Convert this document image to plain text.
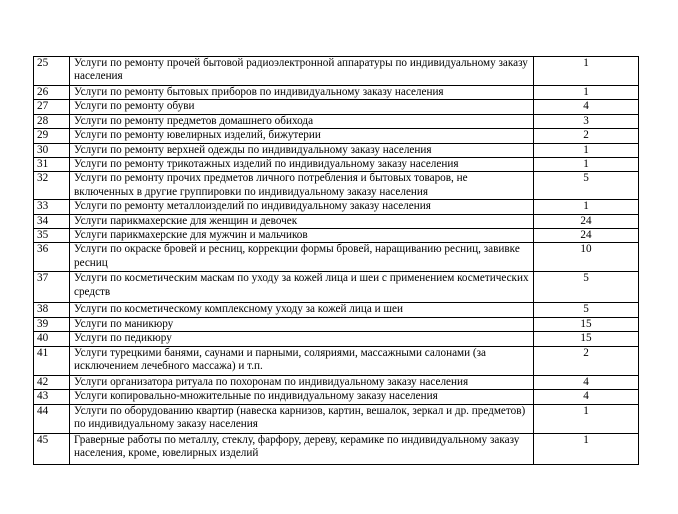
25	Услуги по ремонту прочей бытовой радиоэлектронной аппаратуры по индивидуальному заказу населения	1
26	Услуги по ремонту бытовых приборов по индивидуальному заказу населения	1
27	Услуги по ремонту обуви	4
28	Услуги по ремонту предметов домашнего обихода	3
29	Услуги по ремонту ювелирных изделий, бижутерии	2
30	Услуги по ремонту верхней одежды по индивидуальному заказу населения	1
31	Услуги по ремонту трикотажных изделий по индивидуальному заказу населения	1
32	Услуги по ремонту прочих предметов личного потребления и бытовых товаров, не включенных в другие группировки по индивидуальному заказу населения	5
33	Услуги по ремонту металлоизделий по индивидуальному заказу населения	1
34	Услуги парикмахерские для женщин и девочек	24
35	Услуги парикмахерские для мужчин и мальчиков	24
36	Услуги по окраске бровей и ресниц, коррекции формы бровей, наращиванию ресниц, завивке ресниц	10
37	Услуги по косметическим маскам по уходу за кожей лица и шеи с применением косметических средств	5
38	Услуги по косметическому комплексному уходу за кожей лица и шеи	5
39	Услуги по маникюру	15
40	Услуги по педикюру	15
41	Услуги турецкими банями, саунами и парными, соляриями, массажными салонами (за исключением лечебного массажа) и т.п.	2
42	Услуги организатора ритуала по похоронам по индивидуальному заказу населения	4
43	Услуги копировально-множительные по индивидуальному заказу населения	4
44	Услуги по оборудованию квартир (навеска карнизов, картин, вешалок, зеркал и др. предметов) по индивидуальному заказу населения	1
45	Граверные работы по металлу, стеклу, фарфору, дереву, керамике по индивидуальному заказу населения, кроме, ювелирных изделий	1
